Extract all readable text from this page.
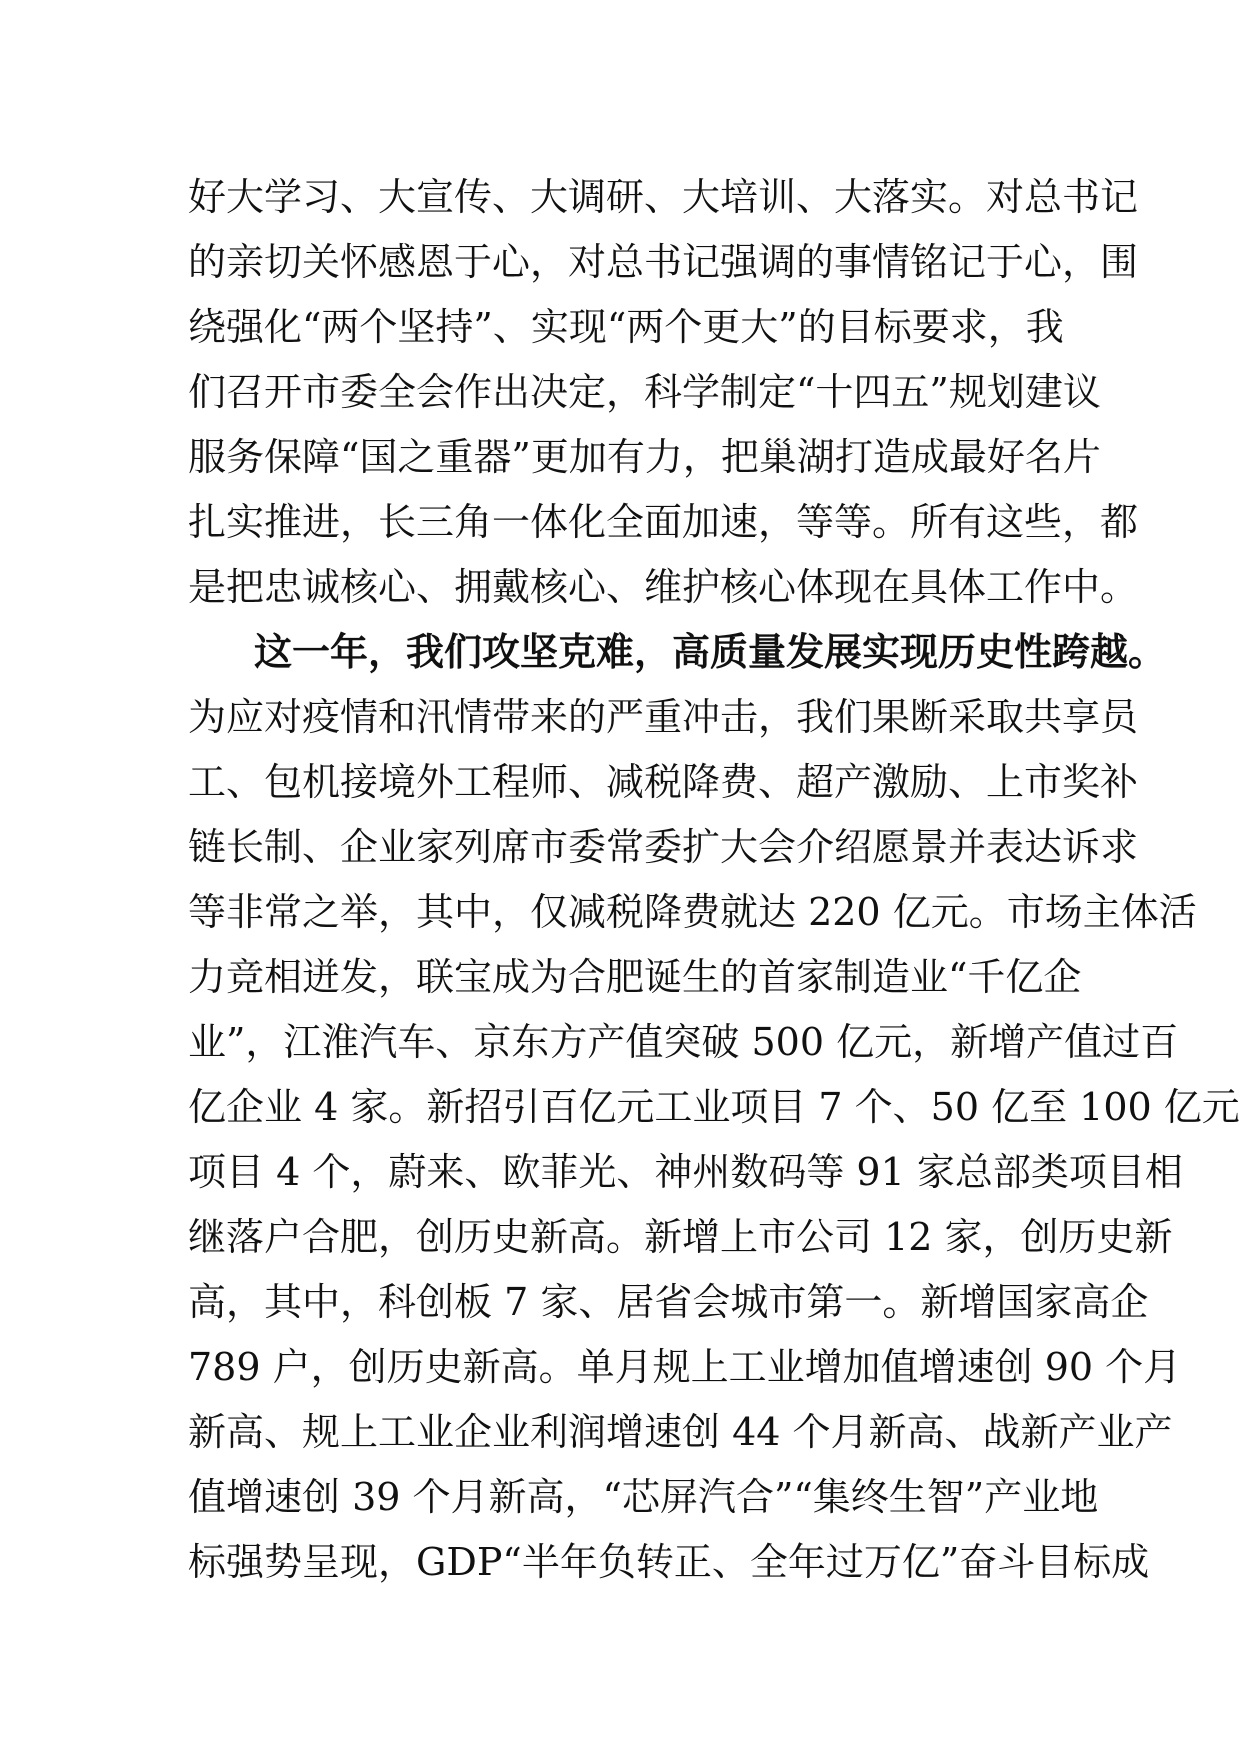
好大学习、大宣传、大调研、大培训、大落实。对总书记
的亲切关怀感恩于心，对总书记强调的事情铭记于心，围
绕强化“两个坚持”、实现“两个更大”的目标要求，我
们召开市委全会作出决定，科学制定“十四五”规划建议
服务保障“国之重器”更加有力，把巢湖打造成最好名片
扎实推进，长三角一体化全面加速，等等。所有这些，都
是把忠诚核心、拥戴核心、维护核心体现在具体工作中。
这一年，我们攻坚克难，高质量发展实现历史性跨越。
为应对疫情和汛情带来的严重冲击，我们果断采取共享员
工、包机接境外工程师、减税降费、超产激励、上市奖补
链长制、企业家列席市委常委扩大会介绍愿景并表达诉求
等非常之举，其中，仅减税降费就达 220 亿元。市场主体活
力竞相迸发，联宝成为合肥诞生的首家制造业“千亿企
业”，江淮汽车、京东方产值突破 500 亿元，新增产值过百
亿企业 4 家。新招引百亿元工业项目 7 个、50 亿至 100 亿元
项目 4 个，蔚来、欧菲光、神州数码等 91 家总部类项目相
继落户合肥，创历史新高。新增上市公司 12 家，创历史新
高，其中，科创板 7 家、居省会城市第一。新增国家高企
789 户，创历史新高。单月规上工业增加值增速创 90 个月
新高、规上工业企业利润增速创 44 个月新高、战新产业产
值增速创 39 个月新高，“芯屏汽合”“集终生智”产业地
标强势呈现，GDP“半年负转正、全年过万亿”奋斗目标成
